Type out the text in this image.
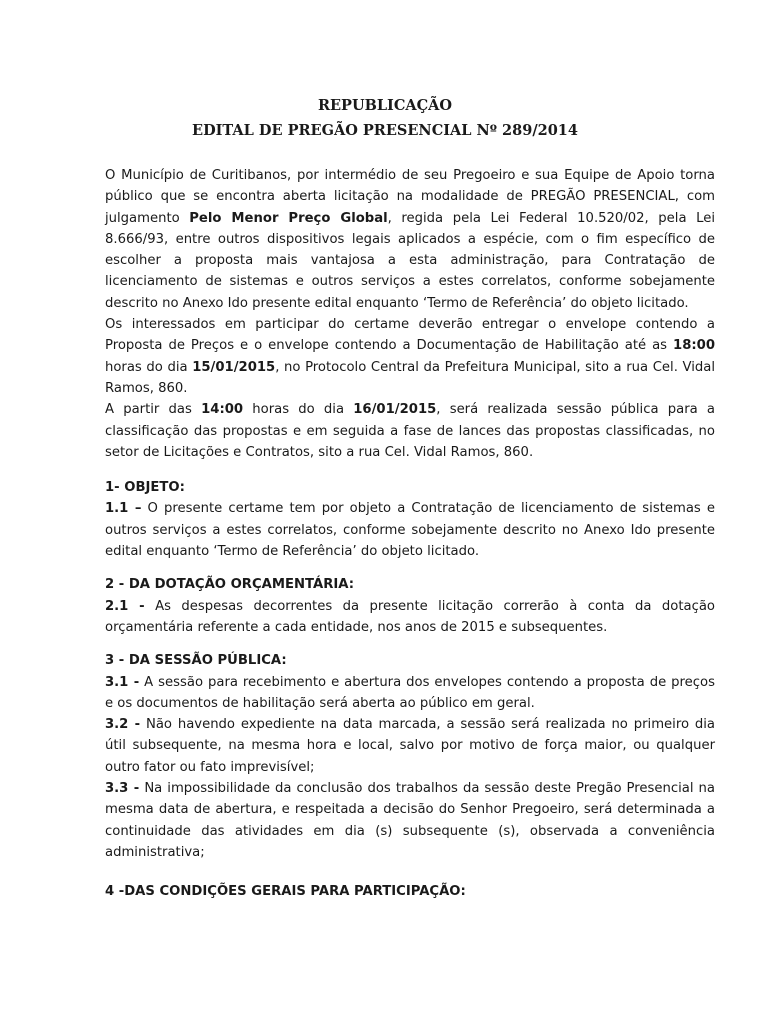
REPUBLICAÇÃO
EDITAL DE PREGÃO PRESENCIAL Nº 289/2014

O Município de Curitibanos, por intermédio de seu Pregoeiro e sua Equipe de Apoio torna público que se encontra aberta licitação na modalidade de PREGÃO PRESENCIAL, com julgamento Pelo Menor Preço Global, regida pela Lei Federal 10.520/02, pela Lei 8.666/93, entre outros dispositivos legais aplicados a espécie, com o fim específico de escolher a proposta mais vantajosa a esta administração, para Contratação de licenciamento de sistemas e outros serviços a estes correlatos, conforme sobejamente descrito no Anexo Ido presente edital enquanto ‘Termo de Referência’ do objeto licitado.

Os interessados em participar do certame deverão entregar o envelope contendo a Proposta de Preços e o envelope contendo a Documentação de Habilitação até as 18:00 horas do dia 15/01/2015, no Protocolo Central da Prefeitura Municipal, sito a rua Cel. Vidal Ramos, 860.

A partir das 14:00 horas do dia 16/01/2015, será realizada sessão pública para a classificação das propostas e em seguida a fase de lances das propostas classificadas, no setor de Licitações e Contratos, sito a rua Cel. Vidal Ramos, 860.

1- OBJETO:

1.1 – O presente certame tem por objeto a Contratação de licenciamento de sistemas e outros serviços a estes correlatos, conforme sobejamente descrito no Anexo Ido presente edital enquanto ‘Termo de Referência’ do objeto licitado.

2 - DA DOTAÇÃO ORÇAMENTÁRIA:

2.1 - As despesas decorrentes da presente licitação correrão à conta da dotação orçamentária referente a cada entidade, nos anos de 2015 e subsequentes.

3 - DA SESSÃO PÚBLICA:

3.1 - A sessão para recebimento e abertura dos envelopes contendo a proposta de preços e os documentos de habilitação será aberta ao público em geral.

3.2 - Não havendo expediente na data marcada, a sessão será realizada no primeiro dia útil subsequente, na mesma hora e local, salvo por motivo de força maior, ou qualquer outro fator ou fato imprevisível;

3.3 - Na impossibilidade da conclusão dos trabalhos da sessão deste Pregão Presencial na mesma data de abertura, e respeitada a decisão do Senhor Pregoeiro, será determinada a continuidade das atividades em dia (s) subsequente (s), observada a conveniência administrativa;

4 -DAS CONDIÇÕES GERAIS PARA PARTICIPAÇÃO:
